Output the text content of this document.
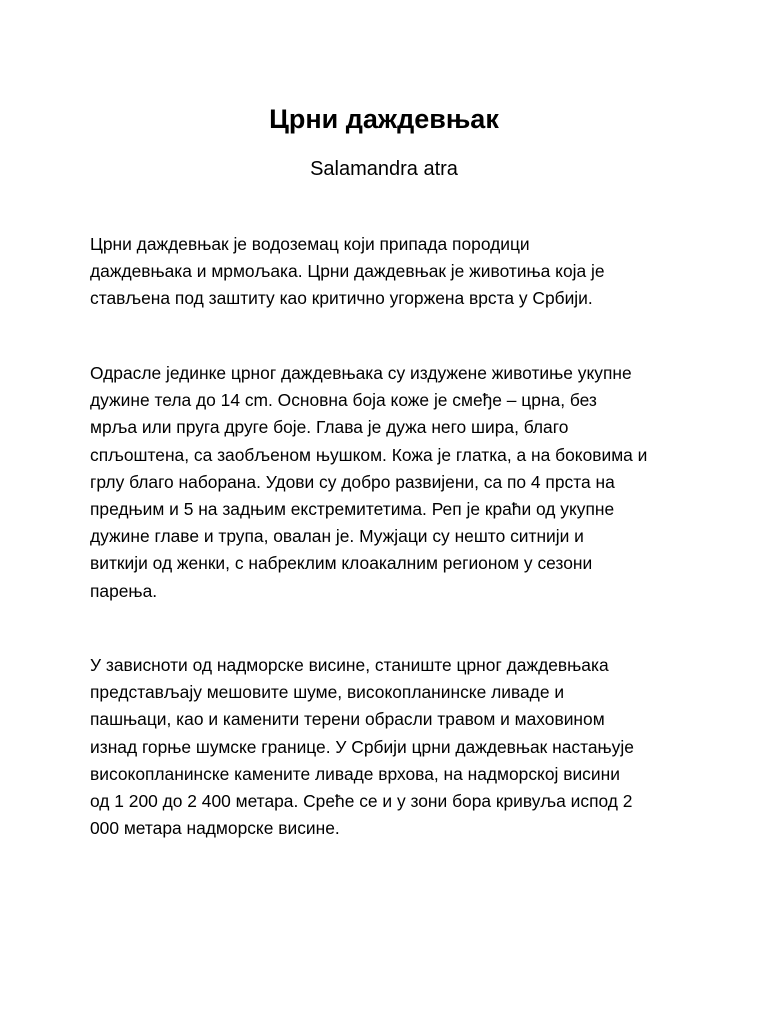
Црни даждевњак
Salamandra atra

Црни даждевњак је водоземац који припада породици
даждевњака и мрмољака. Црни даждевњак је животиња која је
стављена под заштиту као критично угоржена врста у Србији.

Одрасле јединке црног даждевњака су издужене животиње укупне
дужине тела до 14 cm. Основна боја коже је смеђе – црна, без
мрља или пруга друге боје. Глава је дужа него шира, благо
спљоштена, са заобљеном њушком. Кожа је глатка, а на боковима и
грлу благо наборана. Удови су добро развијени, са по 4 прста на
предњим и 5 на задњим екстремитетима. Реп је краћи од укупне
дужине главе и трупа, овалан је. Мужјаци су нешто ситнији и
виткији од женки, с набреклим клоакалним регионом у сезони
парења.

У зависноти од надморске висине, станиште црног даждевњака
представљају мешовите шуме, високопланинске ливаде и
пашњаци, као и каменити терени обрасли травом и маховином
изнад горње шумске границе. У Србији црни даждевњак настањује
високопланинске камените ливаде врхова, на надморској висини
од 1 200 до 2 400 метара. Среће се и у зони бора кривуља испод 2
000 метара надморске висине.
